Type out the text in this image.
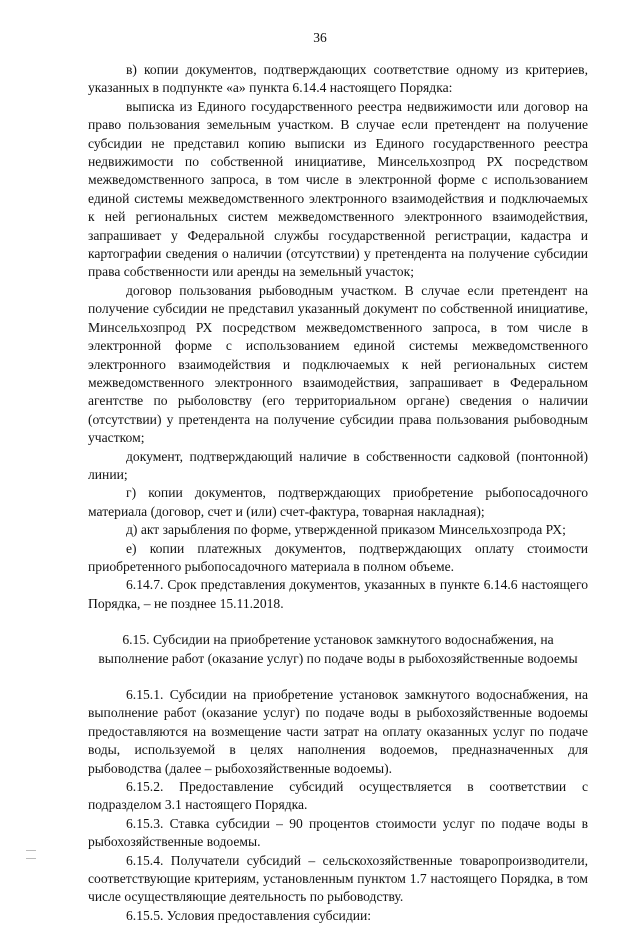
36

в) копии документов, подтверждающих соответствие одному из критериев, указанных в подпункте «а» пункта 6.14.4 настоящего Порядка:

выписка из Единого государственного реестра недвижимости или договор на право пользования земельным участком. В случае если претендент на получение субсидии не представил копию выписки из Единого государственного реестра недвижимости по собственной инициативе, Минсельхозпрод РХ посредством межведомственного запроса, в том числе в электронной форме с использованием единой системы межведомственного электронного взаимодействия и подключаемых к ней региональных систем межведомственного электронного взаимодействия, запрашивает у Федеральной службы государственной регистрации, кадастра и картографии сведения о наличии (отсутствии) у претендента на получение субсидии права собственности или аренды на земельный участок;

договор пользования рыбоводным участком. В случае если претендент на получение субсидии не представил указанный документ по собственной инициативе, Минсельхозпрод РХ посредством межведомственного запроса, в том числе в электронной форме с использованием единой системы межведомственного электронного взаимодействия и подключаемых к ней региональных систем межведомственного электронного взаимодействия, запрашивает в Федеральном агентстве по рыболовству (его территориальном органе) сведения о наличии (отсутствии) у претендента на получение субсидии права пользования рыбоводным участком;

документ, подтверждающий наличие в собственности садковой (понтонной) линии;

г) копии документов, подтверждающих приобретение рыбопосадочного материала (договор, счет и (или) счет-фактура, товарная накладная);

д) акт зарыбления по форме, утвержденной приказом Минсельхозпрода РХ;

е) копии платежных документов, подтверждающих оплату стоимости приобретенного рыбопосадочного материала в полном объеме.

6.14.7. Срок представления документов, указанных в пункте 6.14.6 настоящего Порядка, – не позднее 15.11.2018.

6.15. Субсидии на приобретение установок замкнутого водоснабжения, на выполнение работ (оказание услуг) по подаче воды в рыбохозяйственные водоемы

6.15.1. Субсидии на приобретение установок замкнутого водоснабжения, на выполнение работ (оказание услуг) по подаче воды в рыбохозяйственные водоемы предоставляются на возмещение части затрат на оплату оказанных услуг по подаче воды, используемой в целях наполнения водоемов, предназначенных для рыбоводства (далее – рыбохозяйственные водоемы).

6.15.2. Предоставление субсидий осуществляется в соответствии с подразделом 3.1 настоящего Порядка.

6.15.3. Ставка субсидии – 90 процентов стоимости услуг по подаче воды в рыбохозяйственные водоемы.

6.15.4. Получатели субсидий – сельскохозяйственные товаропроизводители, соответствующие критериям, установленным пунктом 1.7 настоящего Порядка, в том числе осуществляющие деятельность по рыбоводству.

6.15.5. Условия предоставления субсидии:
